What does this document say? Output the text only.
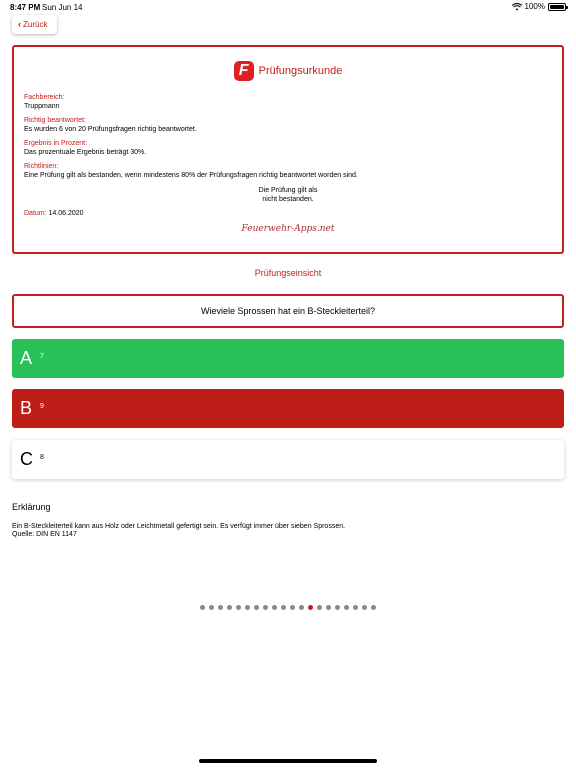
8:47 PM Sun Jun 14	100%
‹ Zurück
F Prüfungsurkunde
Fachbereich:
Truppmann
Richtig beantwortet:
Es wurden 6 von 20 Prüfungsfragen richtig beantwortet.
Ergebnis in Prozent:
Das prozentuale Ergebnis beträgt 30%.
Richtlinien:
Eine Prüfung gilt als bestanden, wenn mindestens 80% der Prüfungsfragen richtig beantwortet worden sind.
Die Prüfung gilt als
nicht bestanden.
Datum: 14.06.2020
Feuerwehr-Apps.net
Prüfungseinsicht
Wieviele Sprossen hat ein B-Steckleiterteil?
A	7
B	9
C	8
Erklärung
Ein B-Steckleiterteil kann aus Holz oder Leichtmetall gefertigt sein. Es verfügt immer über sieben Sprossen.
Quelle: DIN EN 1147
